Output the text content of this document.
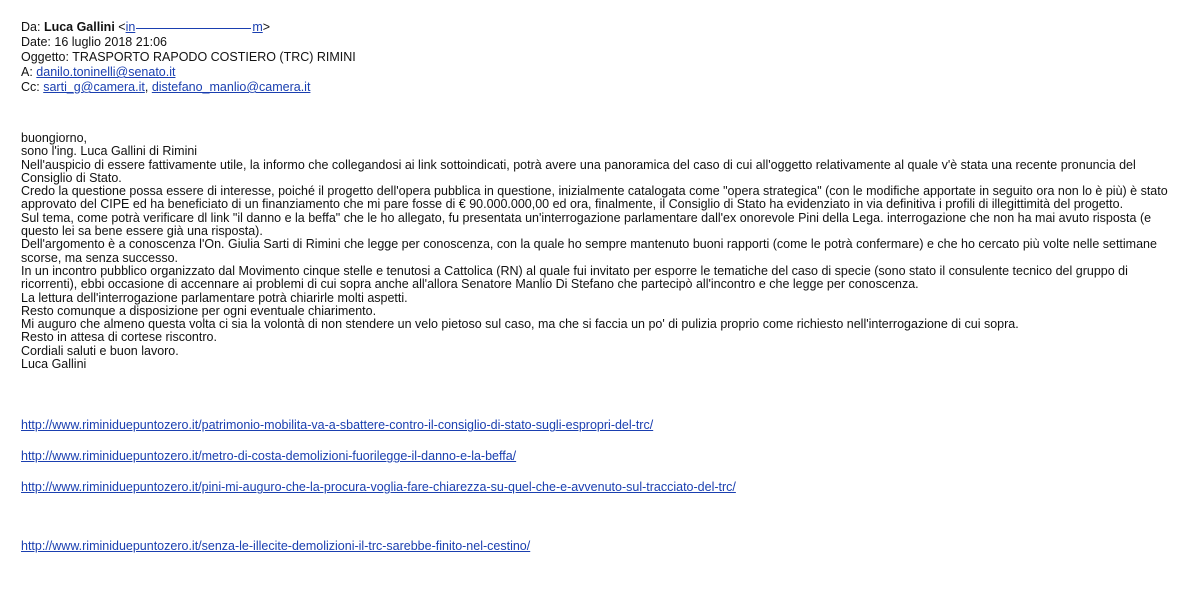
Da: Luca Gallini <in	m>
Date: 16 luglio 2018 21:06
Oggetto: TRASPORTO RAPODO COSTIERO (TRC) RIMINI
A: danilo.toninelli@senato.it
Cc: sarti_g@camera.it, distefano_manlio@camera.it

buongiorno,

sono l'ing. Luca Gallini di Rimini

Nell'auspicio di essere fattivamente utile, la informo che collegandosi ai link sottoindicati, potrà avere una panoramica del caso di cui all'oggetto relativamente al quale v'è stata una recente pronuncia del

Consiglio di Stato.

Credo la questione possa essere di interesse, poiché il progetto dell'opera pubblica in questione, inizialmente catalogata come "opera strategica" (con le modifiche apportate in seguito ora non lo è più) è stato

approvato del CIPE ed ha beneficiato di un finanziamento che mi pare fosse di € 90.000.000,00 ed ora, finalmente, il Consiglio di Stato ha evidenziato in via definitiva i profili di illegittimità del progetto.

Sul tema, come potrà verificare dl link "il danno e la beffa" che le ho allegato, fu presentata un'interrogazione parlamentare dall'ex onorevole Pini della Lega. interrogazione che non ha mai avuto risposta (e

questo lei sa bene essere già una risposta).

Dell'argomento è a conoscenza l'On. Giulia Sarti di Rimini che legge per conoscenza, con la quale ho sempre mantenuto buoni rapporti (come le potrà confermare) e che ho cercato più volte nelle settimane

scorse, ma senza successo.

In un incontro pubblico organizzato dal Movimento cinque stelle e tenutosi a Cattolica (RN) al quale fui invitato per esporre le tematiche del caso di specie (sono stato il consulente tecnico del gruppo di

ricorrenti), ebbi occasione di accennare ai problemi di cui sopra anche all'allora Senatore Manlio Di Stefano che partecipò all'incontro e che legge per conoscenza.

La lettura dell'interrogazione parlamentare potrà chiarirle molti aspetti.

Resto comunque a disposizione per ogni eventuale chiarimento.

Mi auguro che almeno questa volta ci sia la volontà di non stendere un velo pietoso sul caso, ma che si faccia un po' di pulizia proprio come richiesto nell'interrogazione di cui sopra.

Resto in attesa di cortese riscontro.

Cordiali saluti e buon lavoro.

Luca Gallini

http://www.riminiduepuntozero.it/patrimonio-mobilita-va-a-sbattere-contro-il-consiglio-di-stato-sugli-espropri-del-trc/
http://www.riminiduepuntozero.it/metro-di-costa-demolizioni-fuorilegge-il-danno-e-la-beffa/
http://www.riminiduepuntozero.it/pini-mi-auguro-che-la-procura-voglia-fare-chiarezza-su-quel-che-e-avvenuto-sul-tracciato-del-trc/
http://www.riminiduepuntozero.it/senza-le-illecite-demolizioni-il-trc-sarebbe-finito-nel-cestino/
